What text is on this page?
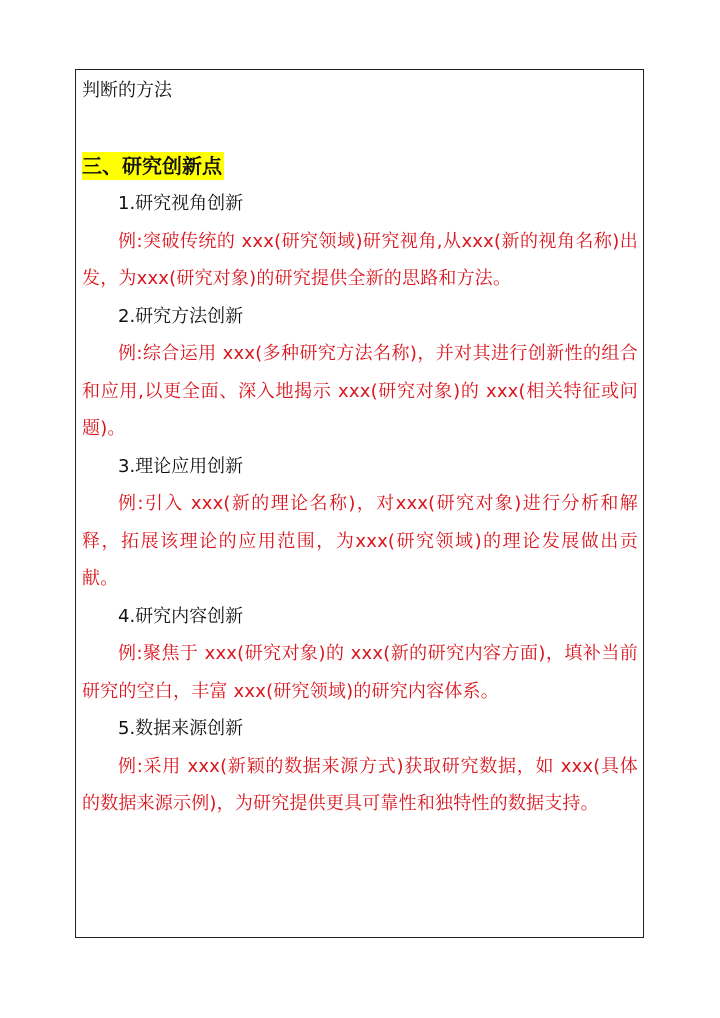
判断的方法

三、研究创新点

1.研究视角创新

例:突破传统的 xxx(研究领域)研究视角,从xxx(新的视角名称)出发，为xxx(研究对象)的研究提供全新的思路和方法。

2.研究方法创新

例:综合运用 xxx(多种研究方法名称)，并对其进行创新性的组合和应用,以更全面、深入地揭示 xxx(研究对象)的 xxx(相关特征或问题)。

3.理论应用创新

例:引入 xxx(新的理论名称)，对xxx(研究对象)进行分析和解释，拓展该理论的应用范围，为xxx(研究领域)的理论发展做出贡献。

4.研究内容创新

例:聚焦于 xxx(研究对象)的 xxx(新的研究内容方面)，填补当前研究的空白，丰富 xxx(研究领域)的研究内容体系。

5.数据来源创新

例:采用 xxx(新颖的数据来源方式)获取研究数据，如 xxx(具体的数据来源示例)，为研究提供更具可靠性和独特性的数据支持。
